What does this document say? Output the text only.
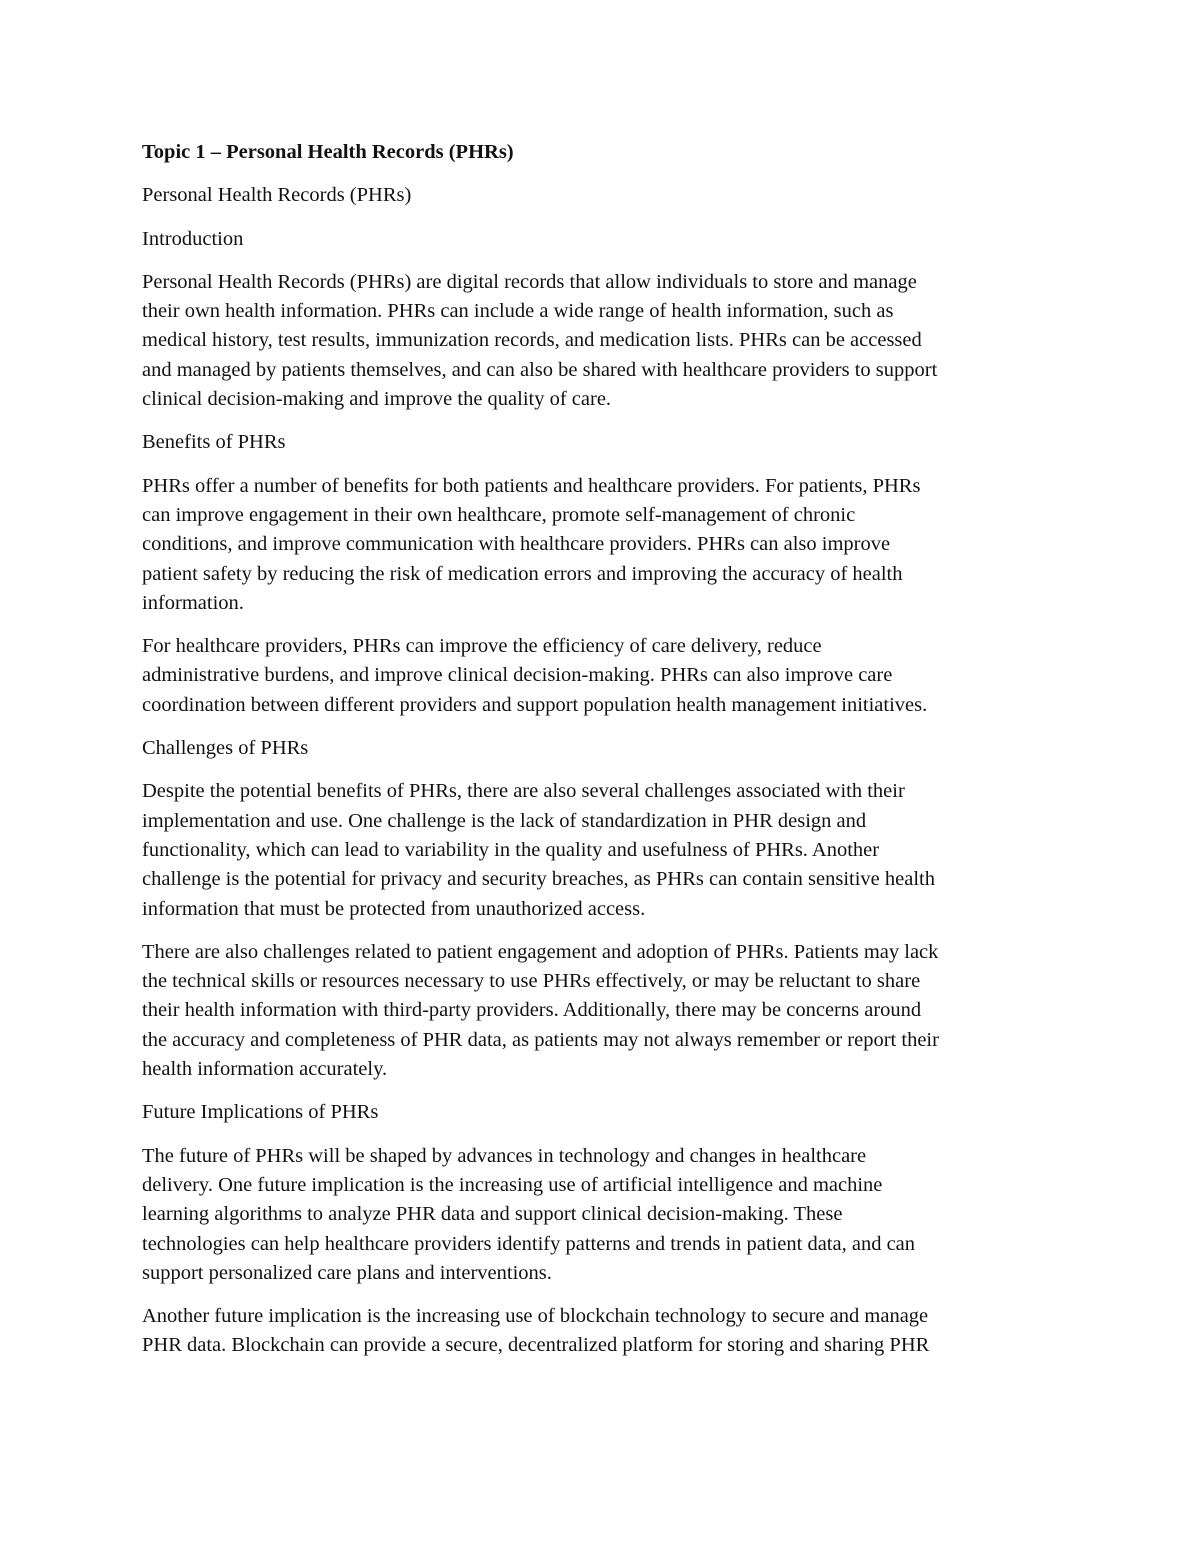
Topic 1 – Personal Health Records (PHRs)
Personal Health Records (PHRs)
Introduction
Personal Health Records (PHRs) are digital records that allow individuals to store and manage
their own health information. PHRs can include a wide range of health information, such as
medical history, test results, immunization records, and medication lists. PHRs can be accessed
and managed by patients themselves, and can also be shared with healthcare providers to support
clinical decision-making and improve the quality of care.
Benefits of PHRs
PHRs offer a number of benefits for both patients and healthcare providers. For patients, PHRs
can improve engagement in their own healthcare, promote self-management of chronic
conditions, and improve communication with healthcare providers. PHRs can also improve
patient safety by reducing the risk of medication errors and improving the accuracy of health
information.
For healthcare providers, PHRs can improve the efficiency of care delivery, reduce
administrative burdens, and improve clinical decision-making. PHRs can also improve care
coordination between different providers and support population health management initiatives.
Challenges of PHRs
Despite the potential benefits of PHRs, there are also several challenges associated with their
implementation and use. One challenge is the lack of standardization in PHR design and
functionality, which can lead to variability in the quality and usefulness of PHRs. Another
challenge is the potential for privacy and security breaches, as PHRs can contain sensitive health
information that must be protected from unauthorized access.
There are also challenges related to patient engagement and adoption of PHRs. Patients may lack
the technical skills or resources necessary to use PHRs effectively, or may be reluctant to share
their health information with third-party providers. Additionally, there may be concerns around
the accuracy and completeness of PHR data, as patients may not always remember or report their
health information accurately.
Future Implications of PHRs
The future of PHRs will be shaped by advances in technology and changes in healthcare
delivery. One future implication is the increasing use of artificial intelligence and machine
learning algorithms to analyze PHR data and support clinical decision-making. These
technologies can help healthcare providers identify patterns and trends in patient data, and can
support personalized care plans and interventions.
Another future implication is the increasing use of blockchain technology to secure and manage
PHR data. Blockchain can provide a secure, decentralized platform for storing and sharing PHR
